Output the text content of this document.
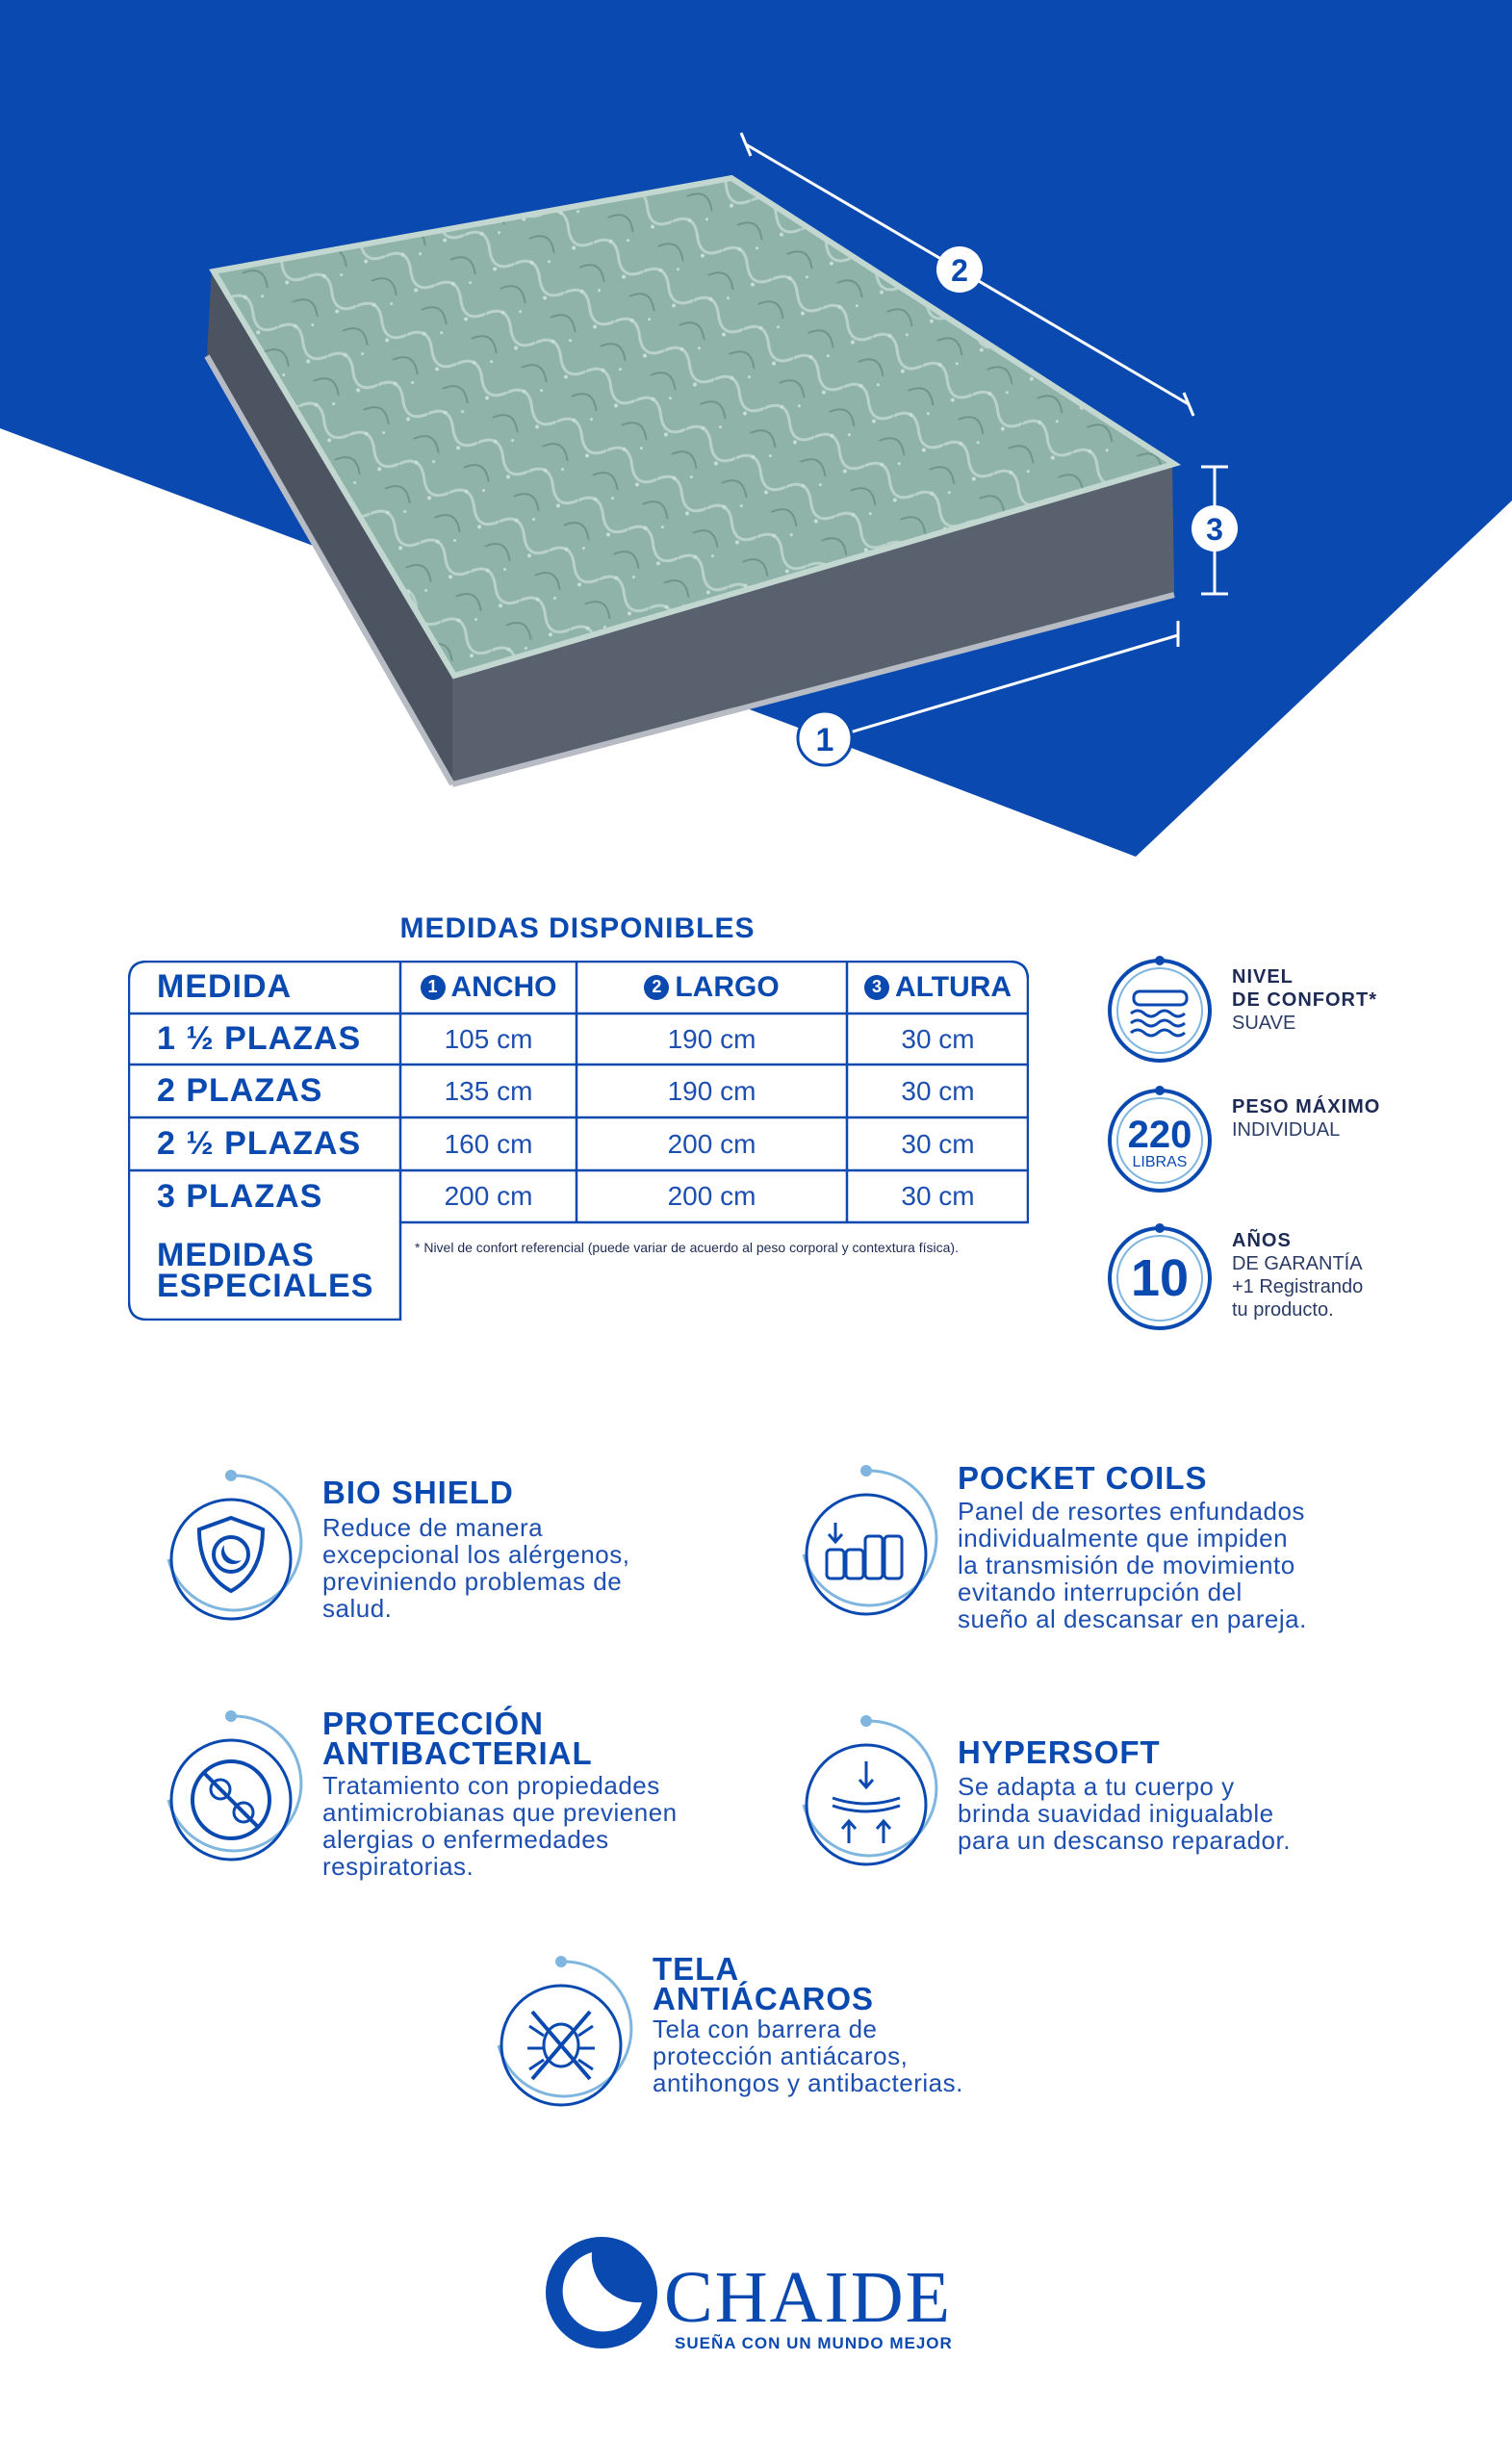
2
3
1
MEDIDAS DISPONIBLES
MEDIDA	1 ANCHO	2 LARGO	3 ALTURA
1 ½ PLAZAS	105 cm	190 cm	30 cm
2 PLAZAS	135 cm	190 cm	30 cm
2 ½ PLAZAS	160 cm	200 cm	30 cm
3 PLAZAS	200 cm	200 cm	30 cm
MEDIDAS
ESPECIALES
* Nivel de confort referencial (puede variar de acuerdo al peso corporal y contextura física).
NIVEL
DE CONFORT*
SUAVE
220
LIBRAS
PESO MÁXIMO
INDIVIDUAL
10
AÑOS
DE GARANTÍA
+1 Registrando
tu producto.
BIO SHIELD
Reduce de manera
excepcional los alérgenos,
previniendo problemas de
salud.
POCKET COILS
Panel de resortes enfundados
individualmente que impiden
la transmisión de movimiento
evitando interrupción del
sueño al descansar en pareja.
PROTECCIÓN
ANTIBACTERIAL
Tratamiento con propiedades
antimicrobianas que previenen
alergias o enfermedades
respiratorias.
HYPERSOFT
Se adapta a tu cuerpo y
brinda suavidad inigualable
para un descanso reparador.
TELA
ANTIÁCAROS
Tela con barrera de
protección antiácaros,
antihongos y antibacterias.
CHAIDE
SUEÑA CON UN MUNDO MEJOR
